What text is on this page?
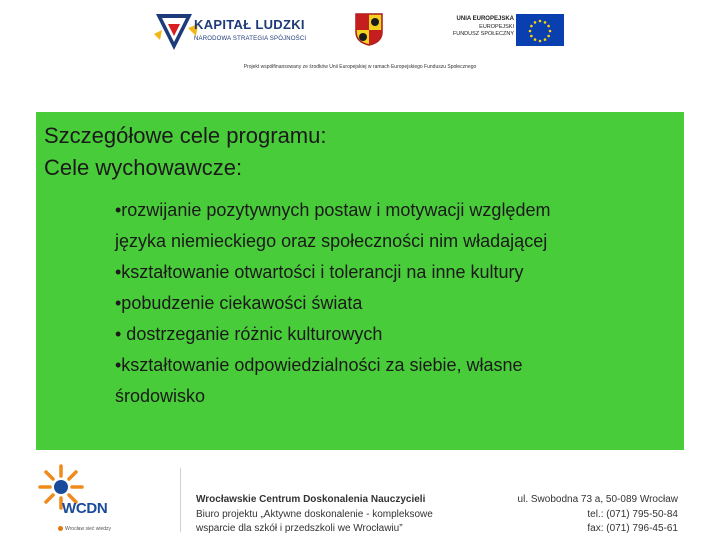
KAPITAŁ LUDZKI
NARODOWA STRATEGIA SPÓJNOŚCI
UNIA EUROPEJSKA
EUROPEJSKI FUNDUSZ SPOŁECZNY
Projekt współfinansowany ze środków Unii Europejskiej w ramach Europejskiego Funduszu Społecznego
Szczegółowe cele programu:
Cele wychowawcze:
•rozwijanie pozytywnych postaw i motywacji względem
języka niemieckiego oraz społeczności nim władającej
•kształtowanie otwartości i tolerancji na inne kultury
•pobudzenie ciekawości świata
• dostrzeganie różnic kulturowych
•kształtowanie odpowiedzialności za siebie, własne
środowisko
WCDN
Wrocław sieć wiedzy
Wrocławskie Centrum Doskonalenia Nauczycieli
Biuro projektu „Aktywne doskonalenie - kompleksowe
wsparcie dla szkół i przedszkoli we Wrocławiu”
ul. Swobodna 73 a, 50-089 Wrocław
tel.: (071) 795-50-84
fax: (071) 796-45-61
